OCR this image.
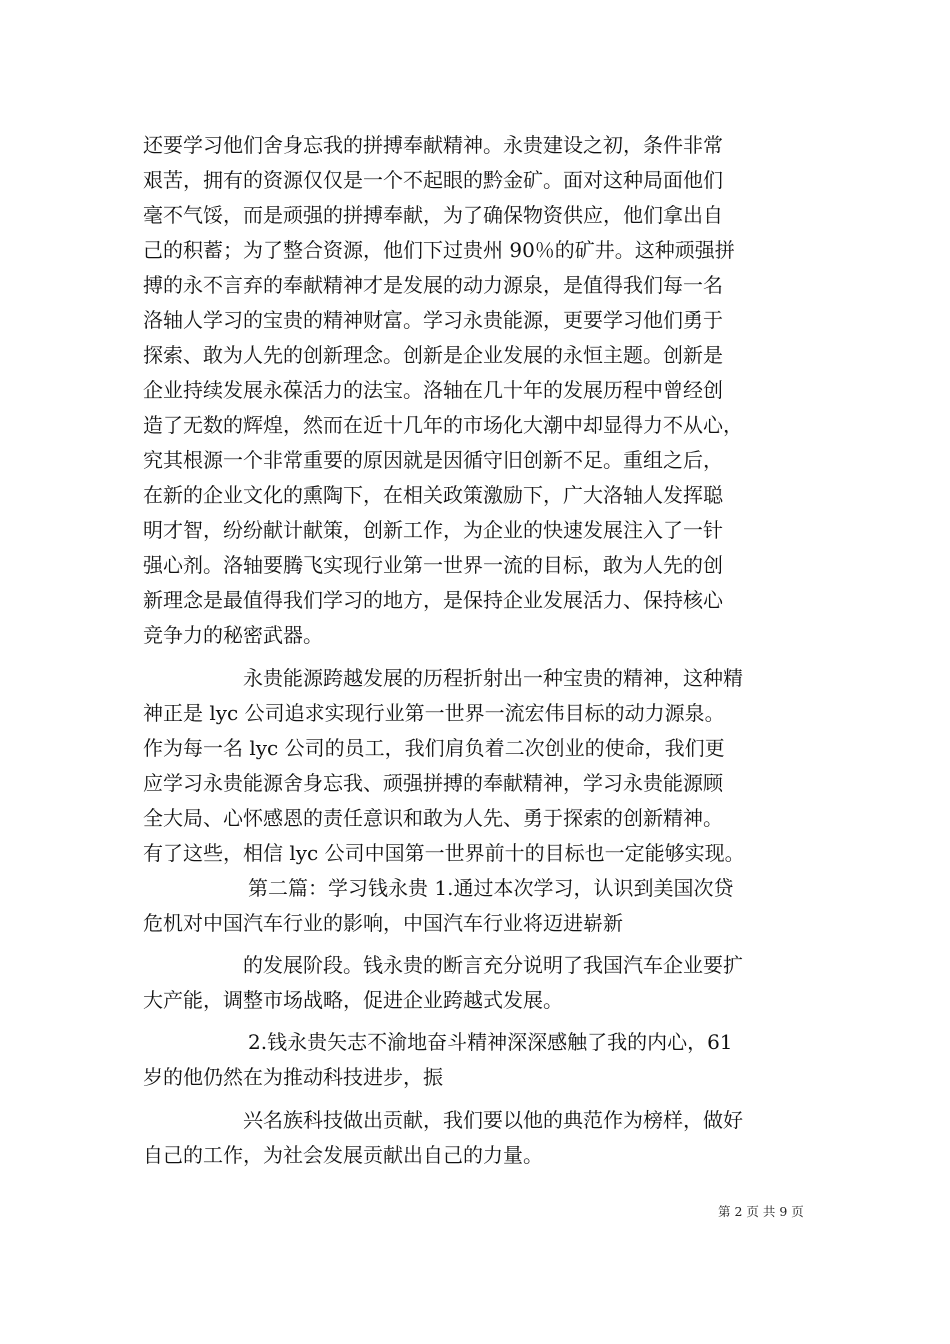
还要学习他们舍身忘我的拼搏奉献精神。永贵建设之初，条件非常
艰苦，拥有的资源仅仅是一个不起眼的黔金矿。面对这种局面他们
毫不气馁，而是顽强的拼搏奉献，为了确保物资供应，他们拿出自
己的积蓄；为了整合资源，他们下过贵州 90％的矿井。这种顽强拼
搏的永不言弃的奉献精神才是发展的动力源泉，是值得我们每一名
洛轴人学习的宝贵的精神财富。学习永贵能源，更要学习他们勇于
探索、敢为人先的创新理念。创新是企业发展的永恒主题。创新是
企业持续发展永葆活力的法宝。洛轴在几十年的发展历程中曾经创
造了无数的辉煌，然而在近十几年的市场化大潮中却显得力不从心，
究其根源一个非常重要的原因就是因循守旧创新不足。重组之后，
在新的企业文化的熏陶下，在相关政策激励下，广大洛轴人发挥聪
明才智，纷纷献计献策，创新工作，为企业的快速发展注入了一针
强心剂。洛轴要腾飞实现行业第一世界一流的目标，敢为人先的创
新理念是最值得我们学习的地方，是保持企业发展活力、保持核心
竞争力的秘密武器。
永贵能源跨越发展的历程折射出一种宝贵的精神，这种精
神正是 lyc 公司追求实现行业第一世界一流宏伟目标的动力源泉。
作为每一名 lyc 公司的员工，我们肩负着二次创业的使命，我们更
应学习永贵能源舍身忘我、顽强拼搏的奉献精神，学习永贵能源顾
全大局、心怀感恩的责任意识和敢为人先、勇于探索的创新精神。
有了这些，相信 lyc 公司中国第一世界前十的目标也一定能够实现。
第二篇：学习钱永贵 1.通过本次学习，认识到美国次贷
危机对中国汽车行业的影响，中国汽车行业将迈进崭新
的发展阶段。钱永贵的断言充分说明了我国汽车企业要扩
大产能，调整市场战略，促进企业跨越式发展。
2.钱永贵矢志不渝地奋斗精神深深感触了我的内心，61
岁的他仍然在为推动科技进步，振
兴名族科技做出贡献，我们要以他的典范作为榜样，做好
自己的工作，为社会发展贡献出自己的力量。
第 2 页 共 9 页
